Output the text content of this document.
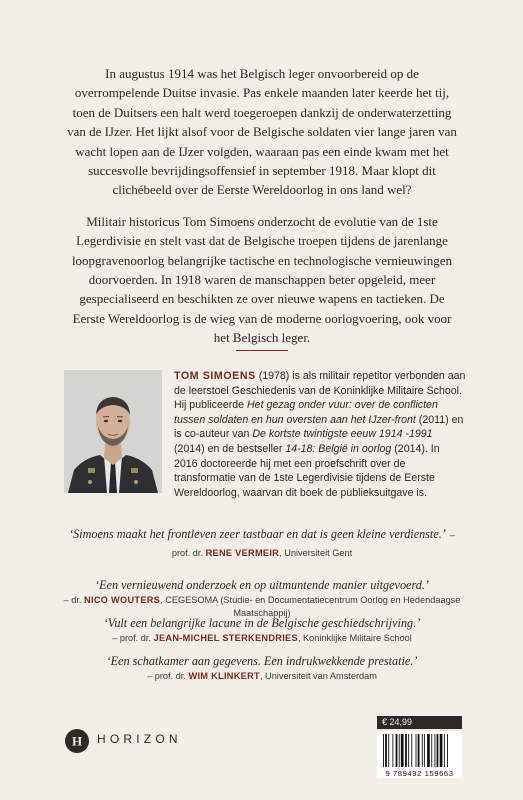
In augustus 1914 was het Belgisch leger onvoorbereid op de overrompelende Duitse invasie. Pas enkele maanden later keerde het tij, toen de Duitsers een halt werd toegeroepen dankzij de onderwaterzetting van de IJzer. Het lijkt alsof voor de Belgische soldaten vier lange jaren van wacht lopen aan de IJzer volgden, waaraan pas een einde kwam met het succesvolle bevrijdingsoffensief in september 1918. Maar klopt dit clichébeeld over de Eerste Wereldoorlog in ons land wel?

Militair historicus Tom Simoens onderzocht de evolutie van de 1ste Legerdivisie en stelt vast dat de Belgische troepen tijdens de jarenlange loopgravenoorlog belangrijke tactische en technologische vernieuwingen doorvoerden. In 1918 waren de manschappen beter opgeleid, meer gespecialiseerd en beschikten ze over nieuwe wapens en tactieken. De Eerste Wereldoorlog is de wieg van de moderne oorlogvoering, ook voor het Belgisch leger.

TOM SIMOENS (1978) is als militair repetitor verbonden aan de leerstoel Geschiedenis van de Koninklijke Militaire School. Hij publiceerde Het gezag onder vuur: over de conflicten tussen soldaten en hun oversten aan het IJzer-front (2011) en is co-auteur van De kortste twintigste eeuw 1914 -1991 (2014) en de bestseller 14-18: België in oorlog (2014). In 2016 doctoreerde hij met een proefschrift over de transformatie van de 1ste Legerdivisie tijdens de Eerste Wereldoorlog, waarvan dit boek de publieksuitgave is.

‘Simoens maakt het frontleven zeer tastbaar en dat is geen kleine verdienste.’

– prof. dr. RENE VERMEIR, Universiteit Gent

‘Een vernieuwend onderzoek en op uitmuntende manier uitgevoerd.’

– dr. NICO WOUTERS, CEGESOMA (Studie- en Documentatiecentrum Oorlog en Hedendaagse Maatschappij)

‘Vult een belangrijke lacune in de Belgische geschiedschrijving.’

– prof. dr. JEAN-MICHEL STERKENDRIES, Koninklijke Militaire School

‘Een schatkamer aan gegevens. Een indrukwekkende prestatie.’

– prof. dr. WIM KLINKERT, Universiteit van Amsterdam

H HORIZON
€ 24,99
9 789492 159663
